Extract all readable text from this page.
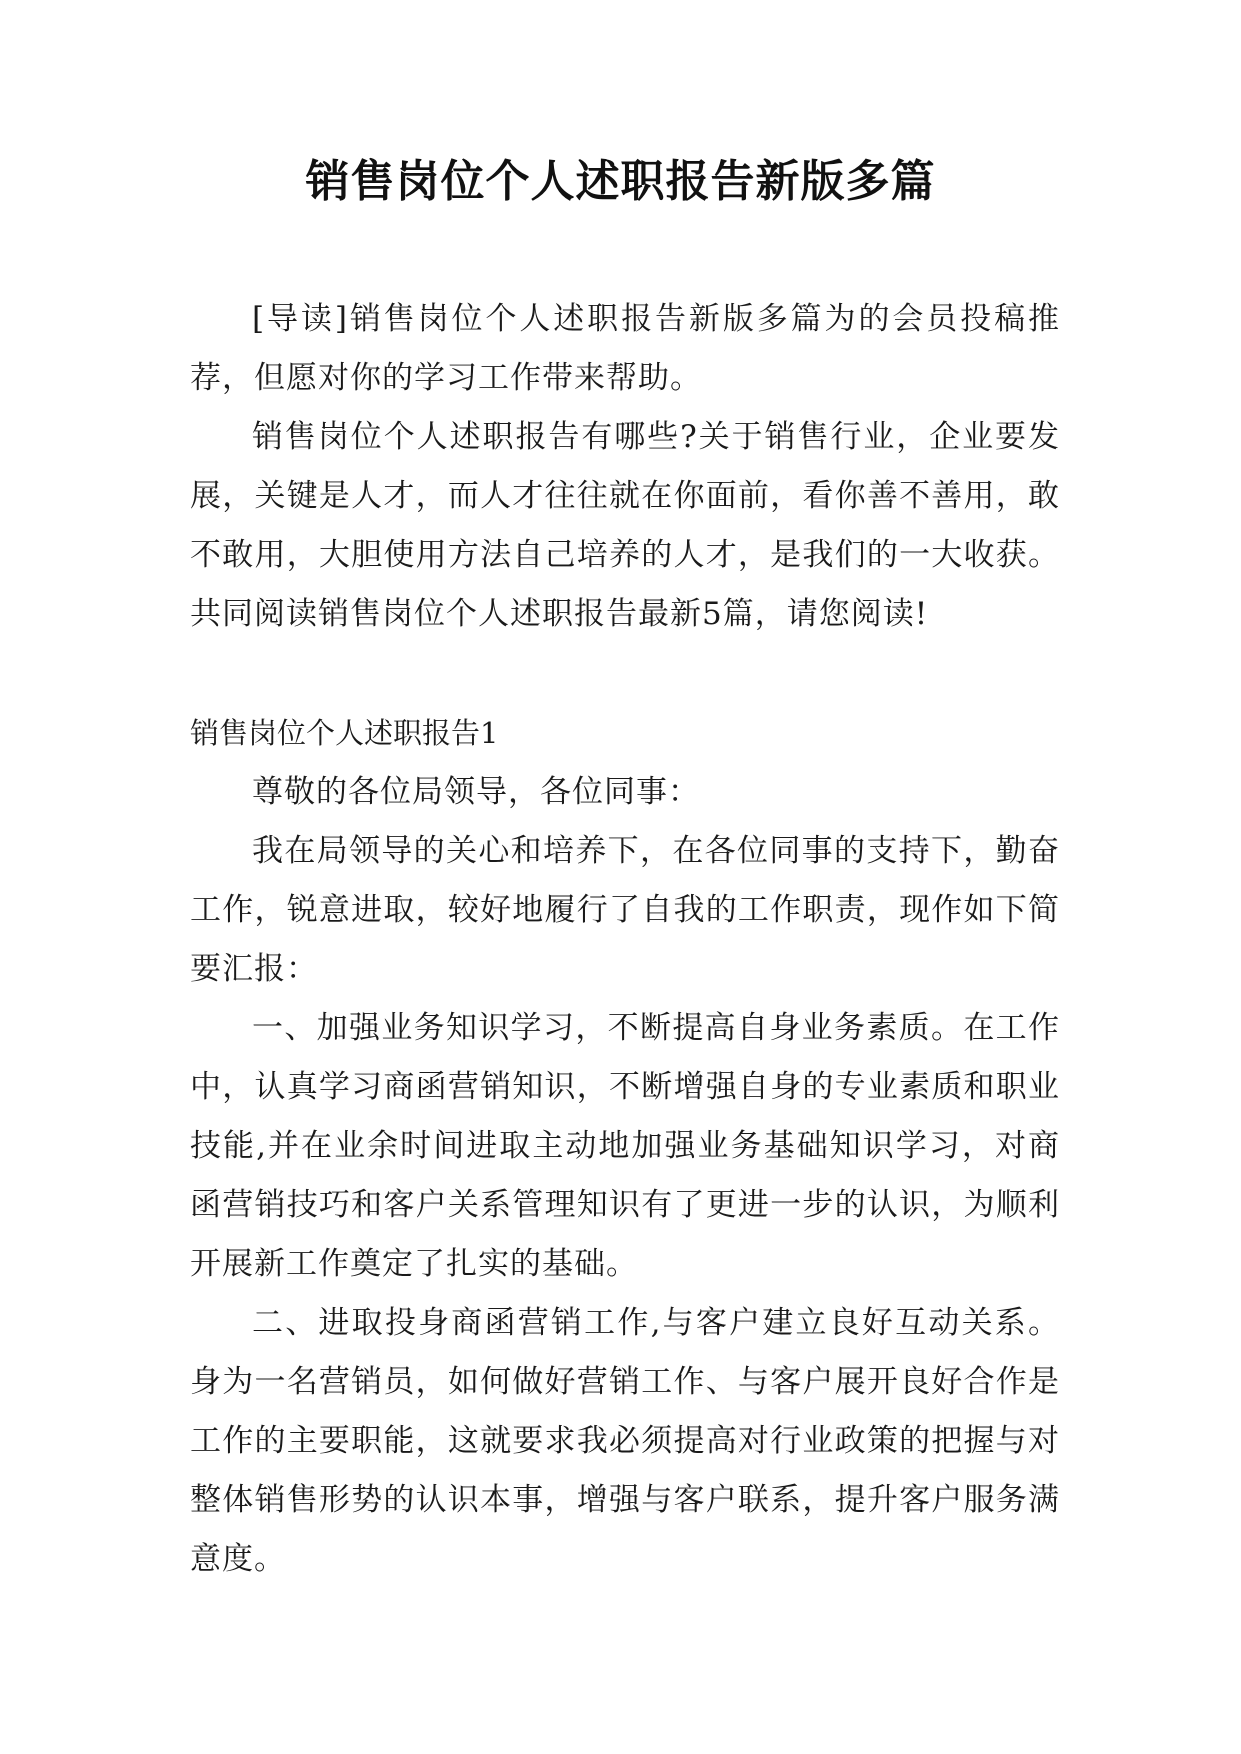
销售岗位个人述职报告新版多篇

[导读]销售岗位个人述职报告新版多篇为的会员投稿推荐，但愿对你的学习工作带来帮助。

销售岗位个人述职报告有哪些?关于销售行业，企业要发展，关键是人才，而人才往往就在你面前，看你善不善用，敢不敢用，大胆使用方法自己培养的人才，是我们的一大收获。共同阅读销售岗位个人述职报告最新5篇，请您阅读!

销售岗位个人述职报告1

尊敬的各位局领导，各位同事：

我在局领导的关心和培养下，在各位同事的支持下，勤奋工作，锐意进取，较好地履行了自我的工作职责，现作如下简要汇报：

一、加强业务知识学习，不断提高自身业务素质。在工作中，认真学习商函营销知识，不断增强自身的专业素质和职业技能,并在业余时间进取主动地加强业务基础知识学习，对商函营销技巧和客户关系管理知识有了更进一步的认识，为顺利开展新工作奠定了扎实的基础。

二、进取投身商函营销工作,与客户建立良好互动关系。身为一名营销员，如何做好营销工作、与客户展开良好合作是工作的主要职能，这就要求我必须提高对行业政策的把握与对整体销售形势的认识本事，增强与客户联系，提升客户服务满意度。
